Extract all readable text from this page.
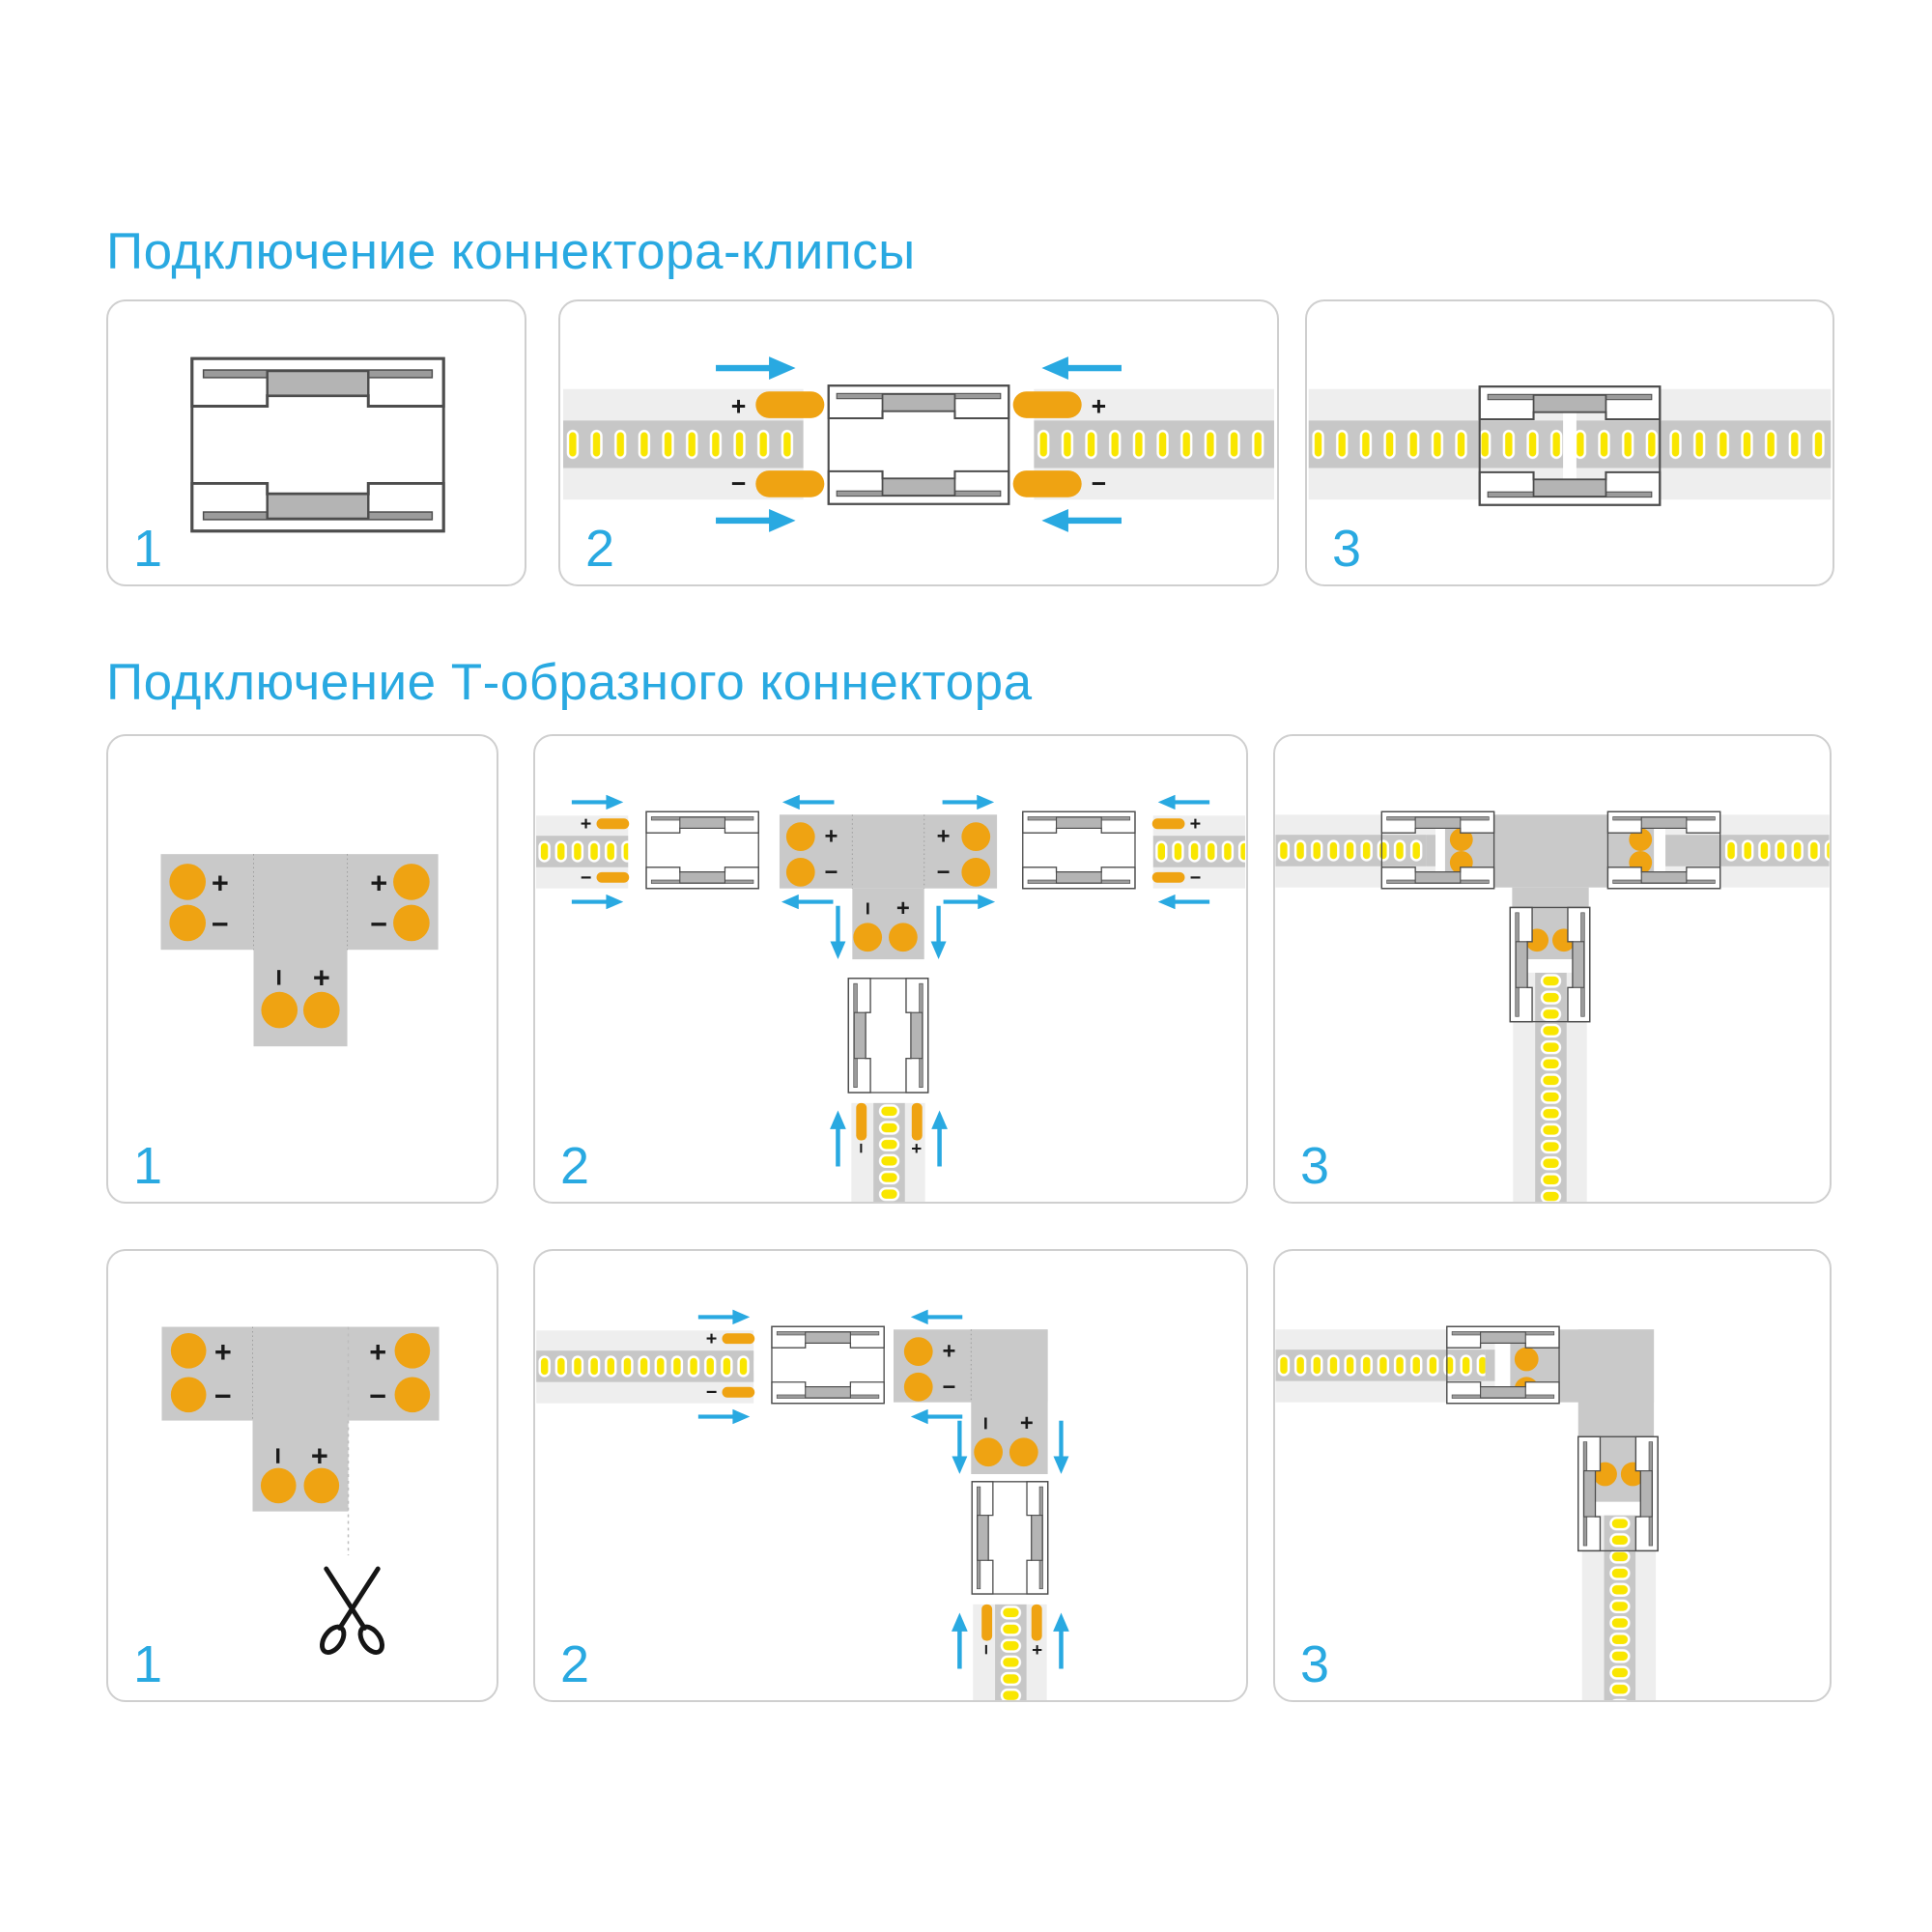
Подключение коннектора-клипсы
1
+
−
+
−
2	3
Подключение Т-образного коннектора
+
−
+
−
− +
1
+
−
+
−
+
−
− +
+
−
− +
2	3
+
−
+
−
− +
1
+
−
+
−
− +
− +
2	3
